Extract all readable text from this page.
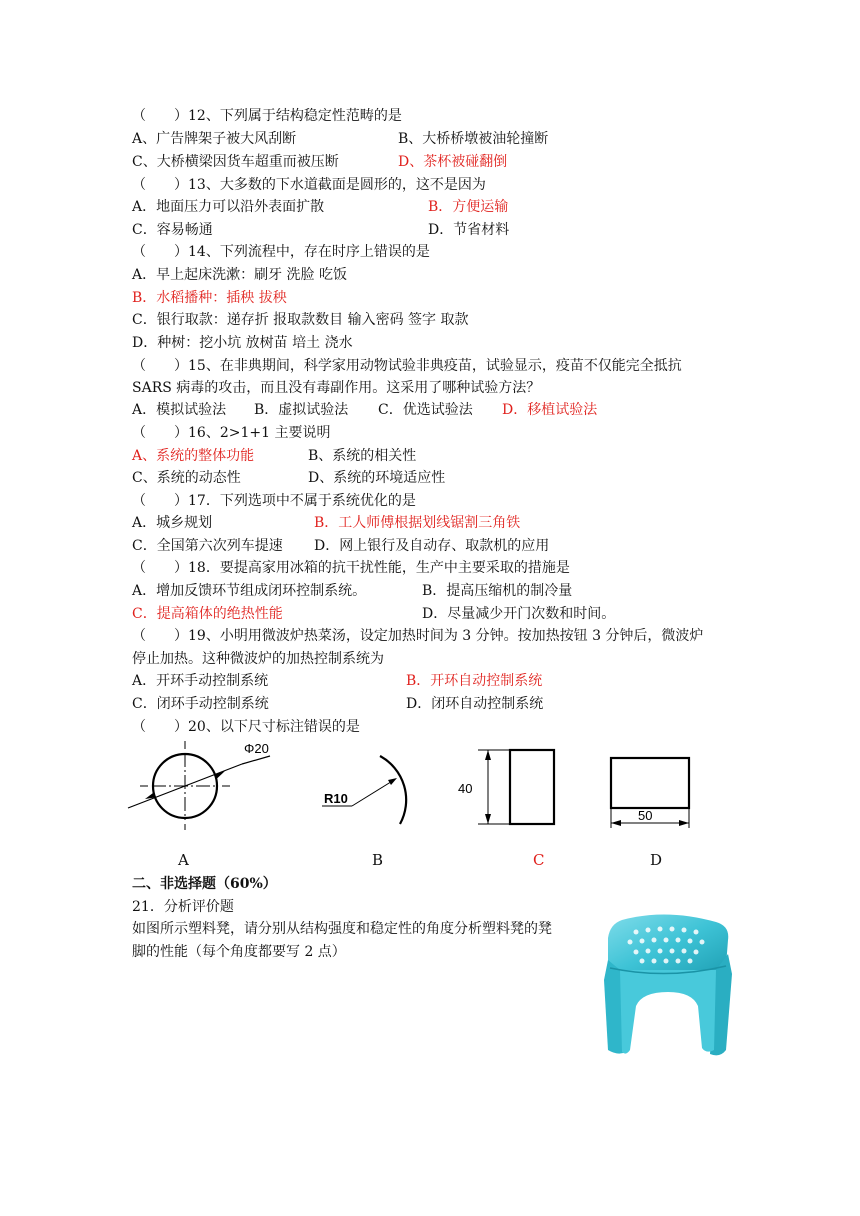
（　　）12、下列属于结构稳定性范畴的是
A、广告牌架子被大风刮断	B、大桥桥墩被油轮撞断
C、大桥横梁因货车超重而被压断	D、茶杯被碰翻倒
（　　）13、大多数的下水道截面是圆形的，这不是因为
A．地面压力可以沿外表面扩散	B．方便运输
C．容易畅通	D．节省材料
（　　）14、下列流程中，存在时序上错误的是
A．早上起床洗漱：刷牙 洗脸 吃饭
B．水稻播种：插秧 拔秧
C．银行取款：递存折 报取款数目 输入密码 签字 取款
D．种树：挖小坑 放树苗 培土 浇水
（　　）15、在非典期间，科学家用动物试验非典疫苗，试验显示，疫苗不仅能完全抵抗
SARS 病毒的攻击，而且没有毒副作用。这采用了哪种试验方法？
A．模拟试验法 B．虚拟试验法 C．优选试验法 D．移植试验法
（　　）16、2>1+1 主要说明
A、系统的整体功能	B、系统的相关性
C、系统的动态性	D、系统的环境适应性
（　　）17．下列选项中不属于系统优化的是
A．城乡规划	B．工人师傅根据划线锯割三角铁
C．全国第六次列车提速 D．网上银行及自动存、取款机的应用
（　　）18．要提高家用冰箱的抗干扰性能，生产中主要采取的措施是
A．增加反馈环节组成闭环控制系统。	B．提高压缩机的制冷量
C．提高箱体的绝热性能	D．尽量减少开门次数和时间。
（　　）19、小明用微波炉热菜汤，设定加热时间为 3 分钟。按加热按钮 3 分钟后，微波炉
停止加热。这种微波炉的加热控制系统为
A．开环手动控制系统	B．开环自动控制系统
C．闭环手动控制系统	D．闭环自动控制系统
（　　）20、以下尺寸标注错误的是
Φ20
R10
40
50
A	B	C	D
二、非选择题（60%）
21．分析评价题
如图所示塑料凳，请分别从结构强度和稳定性的角度分析塑料凳的凳
脚的性能（每个角度都要写 2 点）
